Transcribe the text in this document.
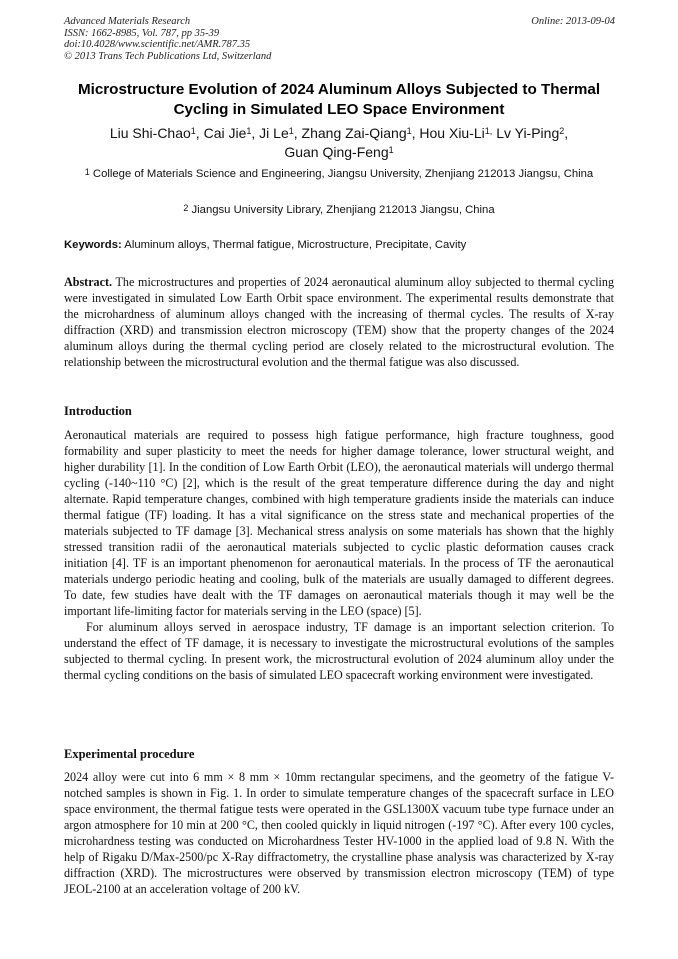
Advanced Materials Research
ISSN: 1662-8985, Vol. 787, pp 35-39
doi:10.4028/www.scientific.net/AMR.787.35
© 2013 Trans Tech Publications Ltd, Switzerland
Online: 2013-09-04
Microstructure Evolution of 2024 Aluminum Alloys Subjected to Thermal Cycling in Simulated LEO Space Environment
Liu Shi-Chao$^1$, Cai Jie$^1$, Ji Le$^1$, Zhang Zai-Qiang$^1$, Hou Xiu-$Li^{1,}$ Lv Yi-Ping$^2$,
Guan Qing-Feng$^1$
$^1$ College of Materials Science and Engineering, Jiangsu University, Zhenjiang 212013 Jiangsu, China
$^2$ Jiangsu University Library, Zhenjiang 212013 Jiangsu, China
Keywords: Aluminum alloys, Thermal fatigue, Microstructure, Precipitate, Cavity
Abstract. The microstructures and properties of 2024 aeronautical aluminum alloy subjected to thermal cycling were investigated in simulated Low Earth Orbit space environment. The experimental results demonstrate that the microhardness of aluminum alloys changed with the increasing of thermal cycles. The results of X-ray diffraction (XRD) and transmission electron microscopy (TEM) show that the property changes of the 2024 aluminum alloys during the thermal cycling period are closely related to the microstructural evolution. The relationship between the microstructural evolution and the thermal fatigue was also discussed.
Introduction

Aeronautical materials are required to possess high fatigue performance, high fracture toughness, good formability and super plasticity to meet the needs for higher damage tolerance, lower structural weight, and higher durability [1]. In the condition of Low Earth Orbit (LEO), the aeronautical materials will undergo thermal cycling (-140~110 °C) [2], which is the result of the great temperature difference during the day and night alternate. Rapid temperature changes, combined with high temperature gradients inside the materials can induce thermal fatigue (TF) loading. It has a vital significance on the stress state and mechanical properties of the materials subjected to TF damage [3]. Mechanical stress analysis on some materials has shown that the highly stressed transition radii of the aeronautical materials subjected to cyclic plastic deformation causes crack initiation [4]. TF is an important phenomenon for aeronautical materials. In the process of TF the aeronautical materials undergo periodic heating and cooling, bulk of the materials are usually damaged to different degrees. To date, few studies have dealt with the TF damages on aeronautical materials though it may well be the important life-limiting factor for materials serving in the LEO (space) [5].

For aluminum alloys served in aerospace industry, TF damage is an important selection criterion. To understand the effect of TF damage, it is necessary to investigate the microstructural evolutions of the samples subjected to thermal cycling. In present work, the microstructural evolution of 2024 aluminum alloy under the thermal cycling conditions on the basis of simulated LEO spacecraft working environment were investigated.

Experimental procedure

2024 alloy were cut into 6 mm × 8 mm × 10mm rectangular specimens, and the geometry of the fatigue V-notched samples is shown in Fig. 1. In order to simulate temperature changes of the spacecraft surface in LEO space environment, the thermal fatigue tests were operated in the GSL1300X vacuum tube type furnace under an argon atmosphere for 10 min at 200 °C, then cooled quickly in liquid nitrogen (-197 °C). After every 100 cycles, microhardness testing was conducted on Microhardness Tester HV-1000 in the applied load of 9.8 N. With the help of Rigaku D/Max-2500/pc X-Ray diffractometry, the crystalline phase analysis was characterized by X-ray diffraction (XRD). The microstructures were observed by transmission electron microscopy (TEM) of type JEOL-2100 at an acceleration voltage of 200 kV.
